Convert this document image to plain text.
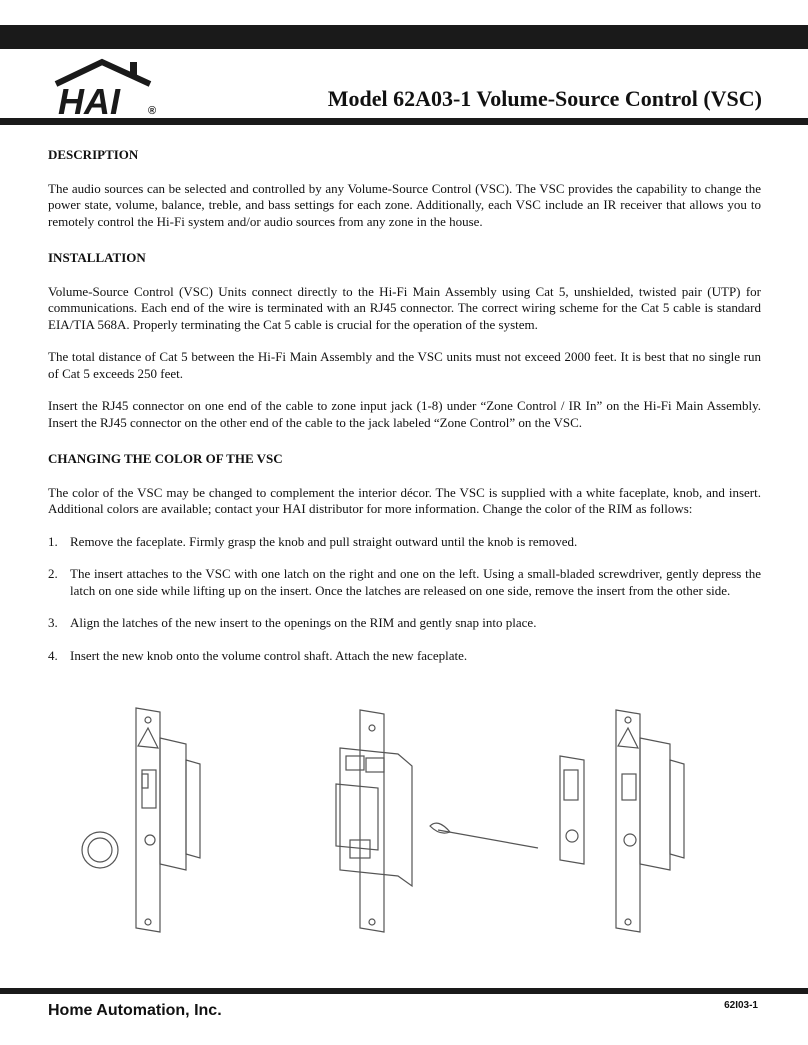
HAI	®	Model 62A03-1 Volume-Source Control (VSC)
DESCRIPTION

The audio sources can be selected and controlled by any Volume-Source Control (VSC). The VSC provides the capability to change the power state, volume, balance, treble, and bass settings for each zone. Additionally, each VSC include an IR receiver that allows you to remotely control the Hi-Fi system and/or audio sources from any zone in the house.

INSTALLATION

Volume-Source Control (VSC) Units connect directly to the Hi-Fi Main Assembly using Cat 5, unshielded, twisted pair (UTP) for communications. Each end of the wire is terminated with an RJ45 connector. The correct wiring scheme for the Cat 5 cable is standard EIA/TIA 568A. Properly terminating the Cat 5 cable is crucial for the operation of the system.

The total distance of Cat 5 between the Hi-Fi Main Assembly and the VSC units must not exceed 2000 feet. It is best that no single run of Cat 5 exceeds 250 feet.

Insert the RJ45 connector on one end of the cable to zone input jack (1-8) under “Zone Control / IR In” on the Hi-Fi Main Assembly. Insert the RJ45 connector on the other end of the cable to the jack labeled “Zone Control” on the VSC.

CHANGING THE COLOR OF THE VSC

The color of the VSC may be changed to complement the interior décor. The VSC is supplied with a white faceplate, knob, and insert. Additional colors are available; contact your HAI distributor for more information. Change the color of the RIM as follows:

1. Remove the faceplate. Firmly grasp the knob and pull straight outward until the knob is removed.
2. The insert attaches to the VSC with one latch on the right and one on the left. Using a small-bladed screwdriver, gently depress the latch on one side while lifting up on the insert. Once the latches are released on one side, remove the insert from the other side.
3. Align the latches of the new insert to the openings on the RIM and gently snap into place.
4. Insert the new knob onto the volume control shaft. Attach the new faceplate.
Home Automation, Inc.	62I03-1
